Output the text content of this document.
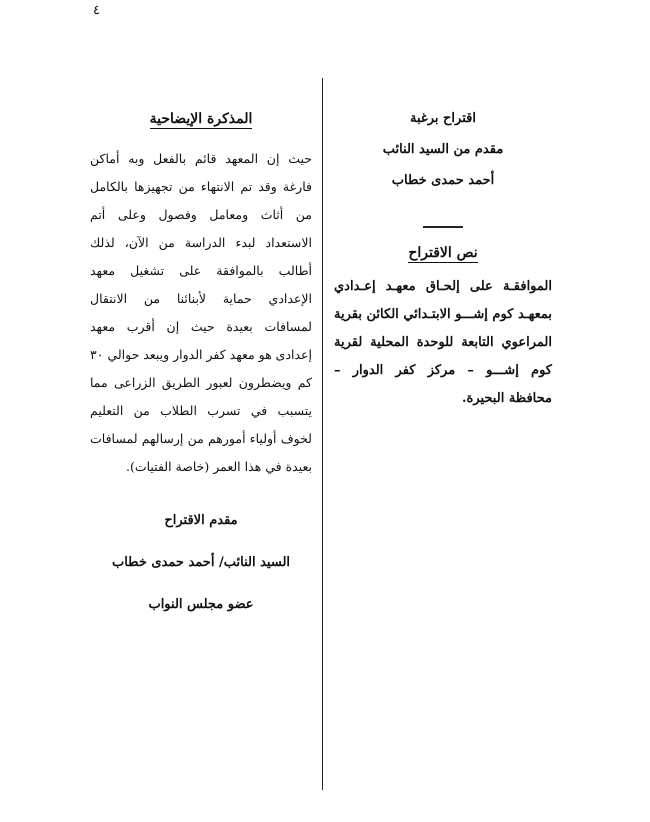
٤

اقتراح برغبة

مقدم من السيد النائب

أحمد حمدى خطاب

نص الاقتراح

الموافقـة على إلحـاق معهـد إعـدادي بمعهـد كوم إشـــو الابتـدائي الكائن بقرية المراعوي التابعة للوحدة المحلية لقرية كوم إشـــو – مركز كفر الدوار – محافظة البحيرة.

المذكرة الإيضاحية

حيث إن المعهد قائم بالفعل وبه أماكن فارغة وقد تم الانتهاء من تجهيزها بالكامل من أثاث ومعامل وفصول وعلى أتم الاستعداد لبدء الدراسة من الآن، لذلك أطالب بالموافقة على تشغيل معهد الإعدادي حماية لأبنائنا من الانتقال لمسافات بعيدة حيث إن أقرب معهد إعدادى هو معهد كفر الدوار ويبعد حوالي ٣٠ كم ويضطرون لعبور الطريق الزراعى مما يتسبب في تسرب الطلاب من التعليم لخوف أولياء أمورهم من إرسالهم لمسافات بعيدة في هذا العمر (خاصة الفتيات).

مقدم الاقتراح

السيد النائب/ أحمد حمدى خطاب

عضو مجلس النواب
